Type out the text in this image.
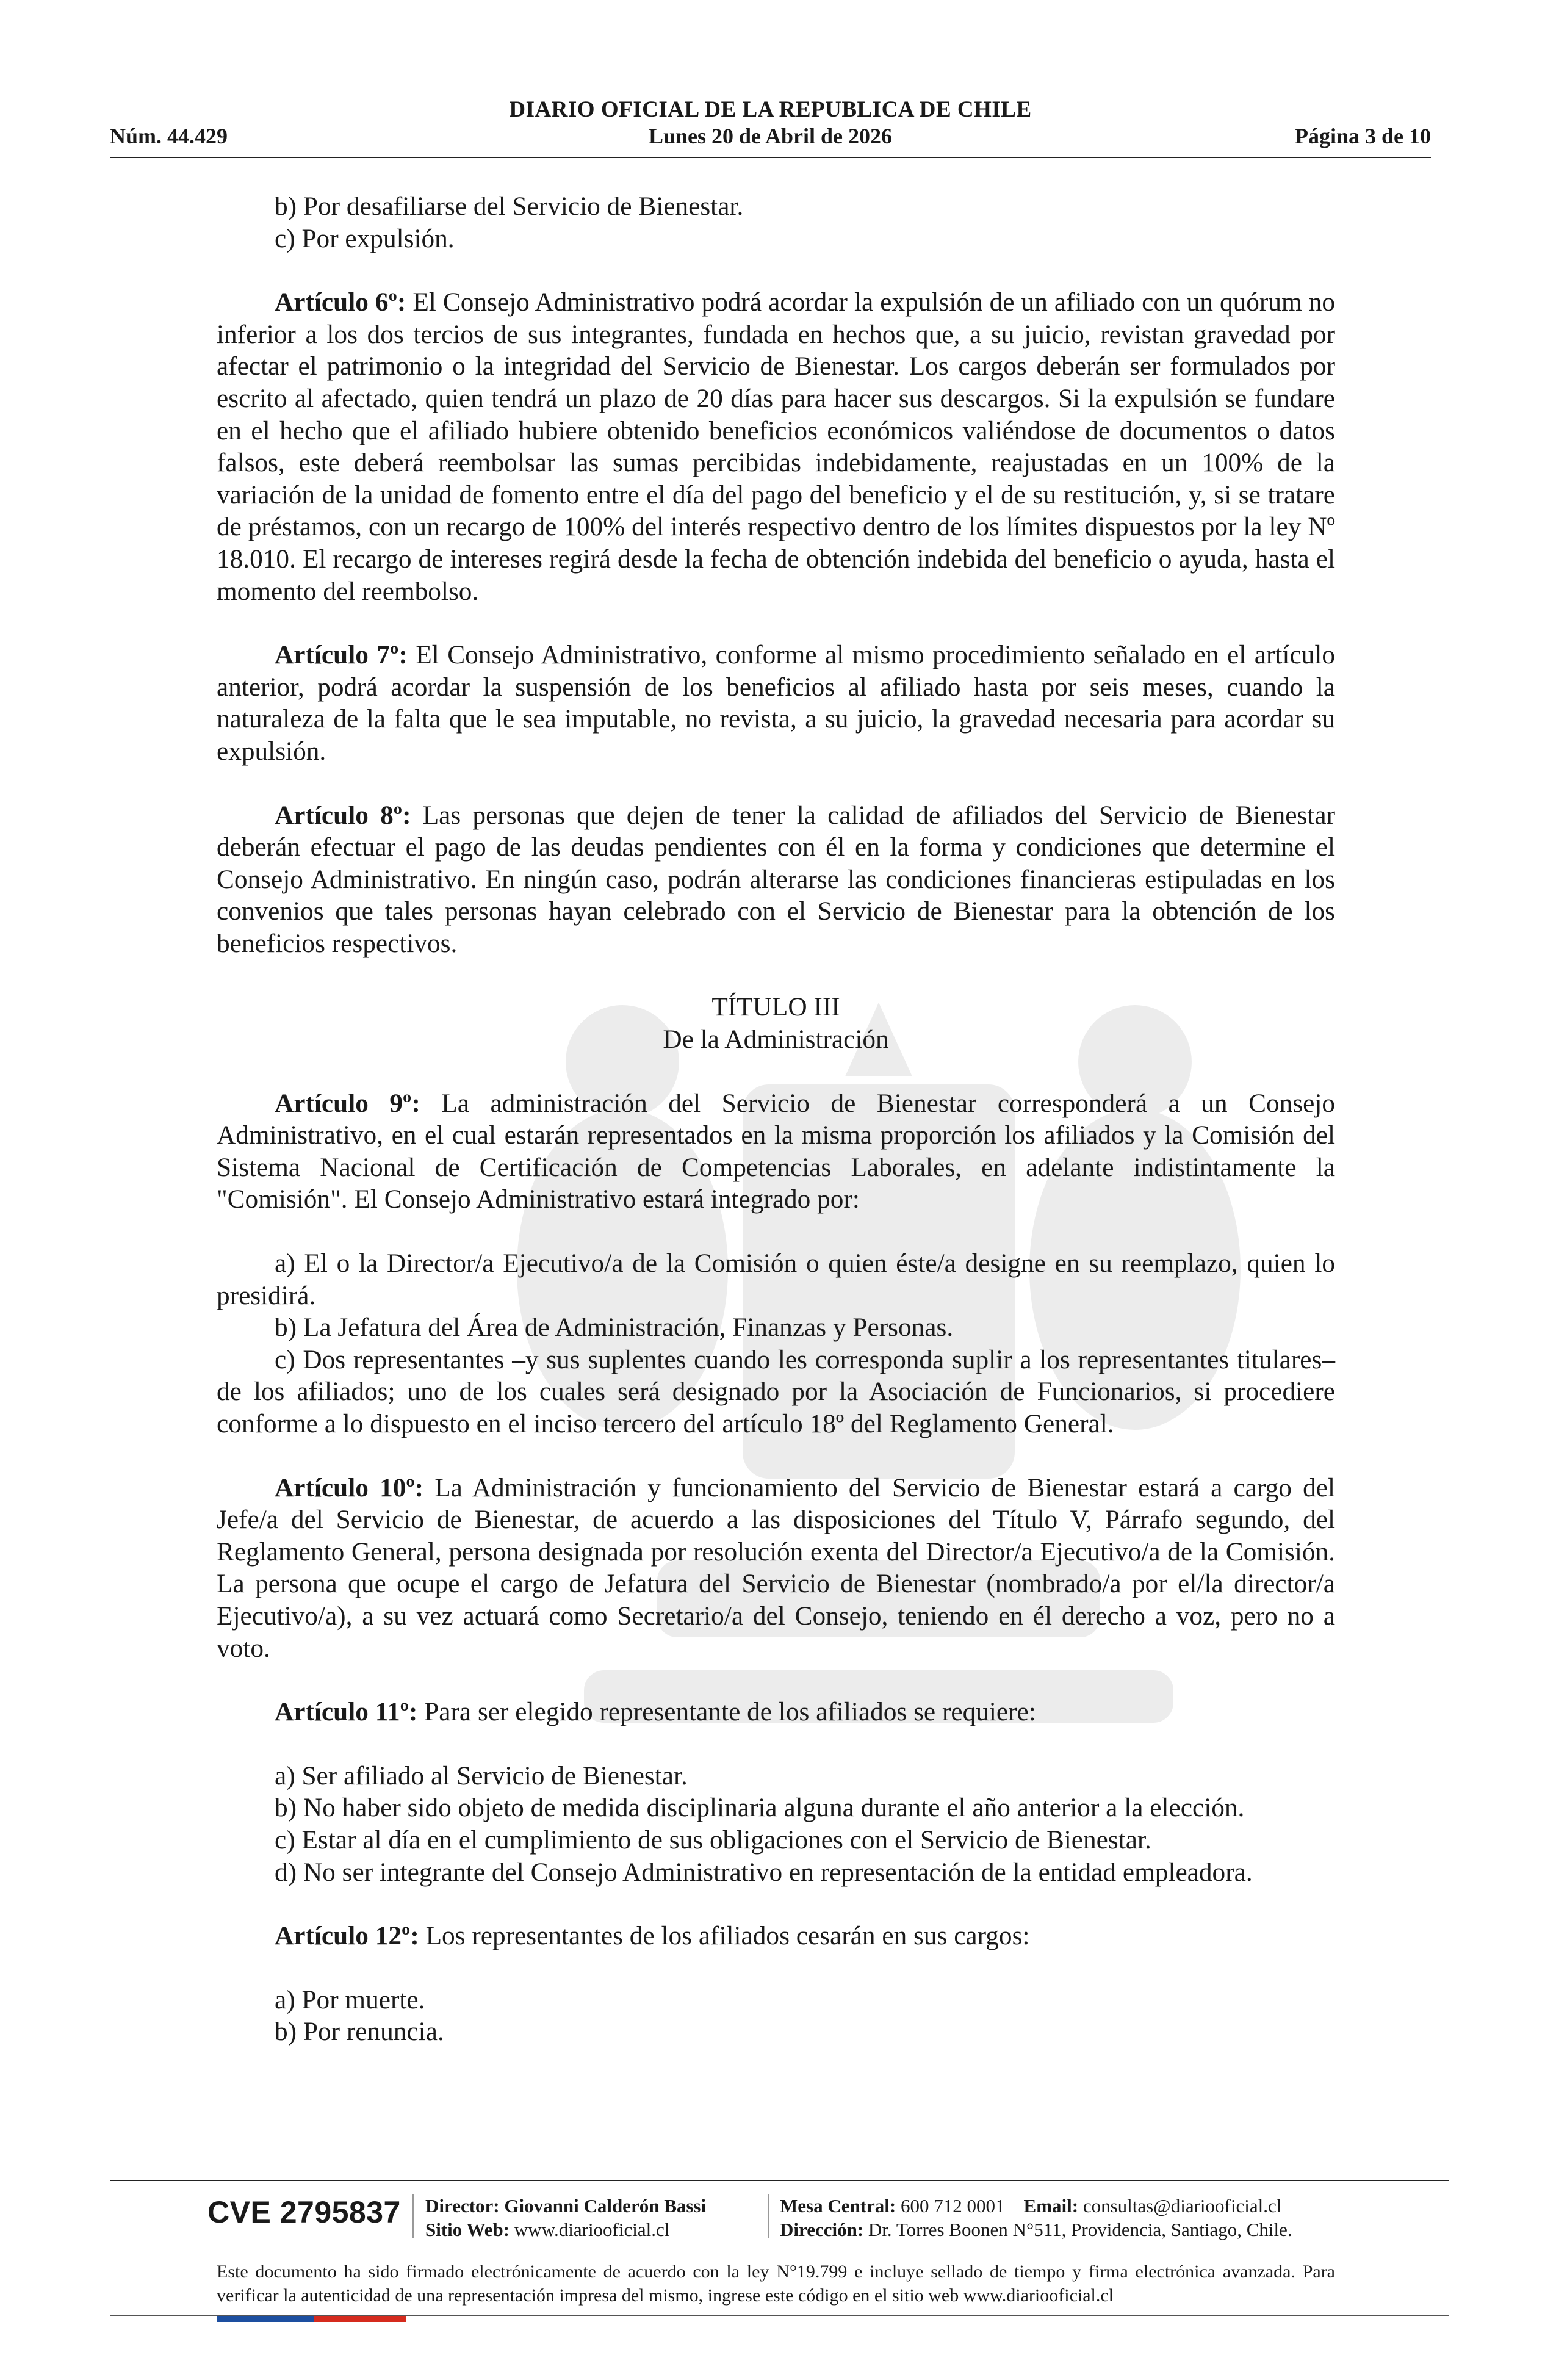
DIARIO OFICIAL DE LA REPUBLICA DE CHILE
Núm. 44.429	Lunes 20 de Abril de 2026	Página 3 de 10

b) Por desafiliarse del Servicio de Bienestar.

c) Por expulsión.

Artículo 6º: El Consejo Administrativo podrá acordar la expulsión de un afiliado con un quórum no inferior a los dos tercios de sus integrantes, fundada en hechos que, a su juicio, revistan gravedad por afectar el patrimonio o la integridad del Servicio de Bienestar. Los cargos deberán ser formulados por escrito al afectado, quien tendrá un plazo de 20 días para hacer sus descargos. Si la expulsión se fundare en el hecho que el afiliado hubiere obtenido beneficios económicos valiéndose de documentos o datos falsos, este deberá reembolsar las sumas percibidas indebidamente, reajustadas en un 100% de la variación de la unidad de fomento entre el día del pago del beneficio y el de su restitución, y, si se tratare de préstamos, con un recargo de 100% del interés respectivo dentro de los límites dispuestos por la ley Nº 18.010. El recargo de intereses regirá desde la fecha de obtención indebida del beneficio o ayuda, hasta el momento del reembolso.

Artículo 7º: El Consejo Administrativo, conforme al mismo procedimiento señalado en el artículo anterior, podrá acordar la suspensión de los beneficios al afiliado hasta por seis meses, cuando la naturaleza de la falta que le sea imputable, no revista, a su juicio, la gravedad necesaria para acordar su expulsión.

Artículo 8º: Las personas que dejen de tener la calidad de afiliados del Servicio de Bienestar deberán efectuar el pago de las deudas pendientes con él en la forma y condiciones que determine el Consejo Administrativo. En ningún caso, podrán alterarse las condiciones financieras estipuladas en los convenios que tales personas hayan celebrado con el Servicio de Bienestar para la obtención de los beneficios respectivos.

TÍTULO III

De la Administración

Artículo 9º: La administración del Servicio de Bienestar corresponderá a un Consejo Administrativo, en el cual estarán representados en la misma proporción los afiliados y la Comisión del Sistema Nacional de Certificación de Competencias Laborales, en adelante indistintamente la "Comisión". El Consejo Administrativo estará integrado por:

a) El o la Director/a Ejecutivo/a de la Comisión o quien éste/a designe en su reemplazo, quien lo presidirá.

b) La Jefatura del Área de Administración, Finanzas y Personas.

c) Dos representantes –y sus suplentes cuando les corresponda suplir a los representantes titulares– de los afiliados; uno de los cuales será designado por la Asociación de Funcionarios, si procediere conforme a lo dispuesto en el inciso tercero del artículo 18º del Reglamento General.

Artículo 10º: La Administración y funcionamiento del Servicio de Bienestar estará a cargo del Jefe/a del Servicio de Bienestar, de acuerdo a las disposiciones del Título V, Párrafo segundo, del Reglamento General, persona designada por resolución exenta del Director/a Ejecutivo/a de la Comisión. La persona que ocupe el cargo de Jefatura del Servicio de Bienestar (nombrado/a por el/la director/a Ejecutivo/a), a su vez actuará como Secretario/a del Consejo, teniendo en él derecho a voz, pero no a voto.

Artículo 11º: Para ser elegido representante de los afiliados se requiere:

a) Ser afiliado al Servicio de Bienestar.

b) No haber sido objeto de medida disciplinaria alguna durante el año anterior a la elección.

c) Estar al día en el cumplimiento de sus obligaciones con el Servicio de Bienestar.

d) No ser integrante del Consejo Administrativo en representación de la entidad empleadora.

Artículo 12º: Los representantes de los afiliados cesarán en sus cargos:

a) Por muerte.

b) Por renuncia.

CVE 2795837 Director: Giovanni Calderón Bassi
Sitio Web: www.diariooficial.cl
Mesa Central: 600 712 0001 Email: consultas@diariooficial.cl
Dirección: Dr. Torres Boonen N°511, Providencia, Santiago, Chile.
Este documento ha sido firmado electrónicamente de acuerdo con la ley N°19.799 e incluye sellado de tiempo y firma electrónica avanzada. Para verificar la autenticidad de una representación impresa del mismo, ingrese este código en el sitio web www.diariooficial.cl
